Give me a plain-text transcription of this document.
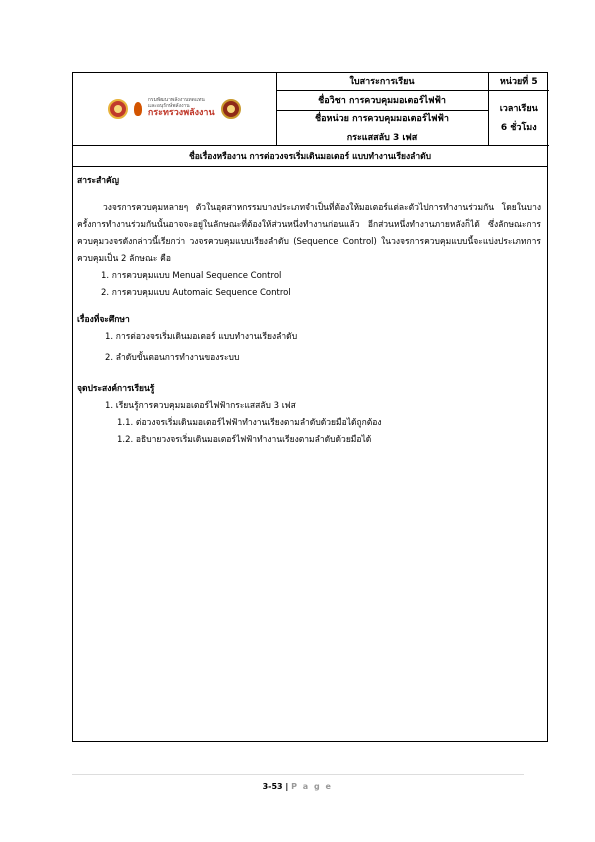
กรมพัฒนาพลังงานทดแทน
และอนุรักษ์พลังงาน
กระทรวงพลังงาน	ใบสาระการเรียน	หน่วยที่ 5
	ชื่อวิชา การควบคุมมอเตอร์ไฟฟ้า	เวลาเรียน
6 ชั่วโมง

	ชื่อหน่วย การควบคุมมอเตอร์ไฟฟ้า
กระแสสลับ 3 เฟส	
ชื่อเรื่องหรืองาน การต่อวงจรเริ่มเดินมอเตอร์ แบบทำงานเรียงลำดับ
สาระสำคัญ
วงจรการควบคุมหลายๆ ตัวในอุตสาหกรรมบางประเภทจำเป็นที่ต้องให้มอเตอร์แต่ละตัวไปการทำงานร่วมกัน โดยในบางครั้งการทำงานร่วมกันนั้นอาจจะอยู่ในลักษณะที่ต้องให้ส่วนหนึ่งทำงานก่อนแล้ว อีกส่วนหนึ่งทำงานภายหลังก็ได้ ซึ่งลักษณะการควบคุมวงจรดังกล่าวนี้เรียกว่า วงจรควบคุมแบบเรียงลำดับ (Sequence Control) ในวงจรการควบคุมแบบนี้จะแบ่งประเภทการควบคุมเป็น 2 ลักษณะ คือ
1. การควบคุมแบบ Menual Sequence Control
2. การควบคุมแบบ Automaic Sequence Control
เรื่องที่จะศึกษา
1. การต่อวงจรเริ่มเดินมอเตอร์ แบบทำงานเรียงลำดับ
2. ลำดับขั้นตอนการทำงานของระบบ
จุดประสงค์การเรียนรู้
1. เรียนรู้การควบคุมมอเตอร์ไฟฟ้ากระแสสลับ 3 เฟส
1.1. ต่อวงจรเริ่มเดินมอเตอร์ไฟฟ้าทำงานเรียงตามลำดับด้วยมือได้ถูกต้อง
1.2. อธิบายวงจรเริ่มเดินมอเตอร์ไฟฟ้าทำงานเรียงตามลำดับด้วยมือได้
3-53 | P a g e
